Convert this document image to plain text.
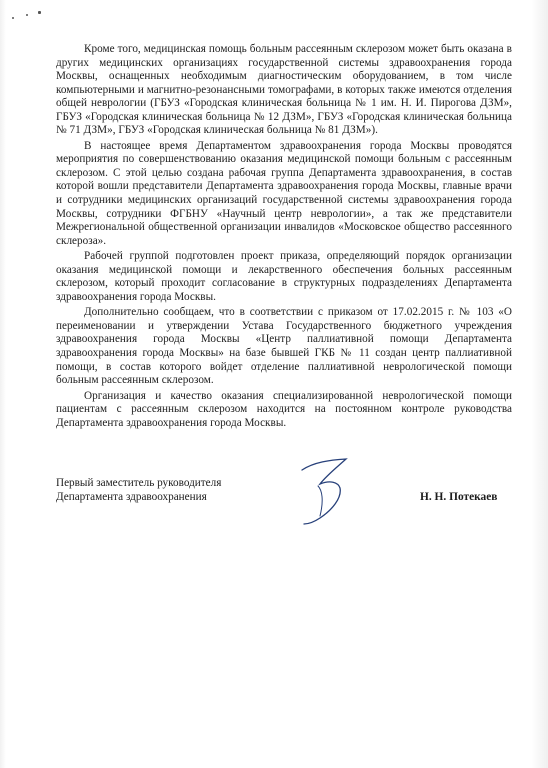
Кроме того, медицинская помощь больным рассеянным склерозом может быть оказана в других медицинских организациях государственной системы здравоохранения города Москвы, оснащенных необходимым диагностическим оборудованием, в том числе компьютерными и магнитно-резонансными томографами, в которых также имеются отделения общей неврологии (ГБУЗ «Городская клиническая больница № 1 им. Н. И. Пирогова ДЗМ», ГБУЗ «Городская клиническая больница № 12 ДЗМ», ГБУЗ «Городская клиническая больница № 71 ДЗМ», ГБУЗ «Городская клиническая больница № 81 ДЗМ»).

В настоящее время Департаментом здравоохранения города Москвы проводятся мероприятия по совершенствованию оказания медицинской помощи больным с рассеянным склерозом. С этой целью создана рабочая группа Департамента здравоохранения, в состав которой вошли представители Департамента здравоохранения города Москвы, главные врачи и сотрудники медицинских организаций государственной системы здравоохранения города Москвы, сотрудники ФГБНУ «Научный центр неврологии», а так же представители Межрегиональной общественной организации инвалидов «Московское общество рассеянного склероза».

Рабочей группой подготовлен проект приказа, определяющий порядок организации оказания медицинской помощи и лекарственного обеспечения больных рассеянным склерозом, который проходит согласование в структурных подразделениях Департамента здравоохранения города Москвы.

Дополнительно сообщаем, что в соответствии с приказом от 17.02.2015 г. № 103 «О переименовании и утверждении Устава Государственного бюджетного учреждения здравоохранения города Москвы «Центр паллиативной помощи Департамента здравоохранения города Москвы» на базе бывшей ГКБ № 11 создан центр паллиативной помощи, в состав которого войдет отделение паллиативной неврологической помощи больным рассеянным склерозом.

Организация и качество оказания специализированной неврологической помощи пациентам с рассеянным склерозом находится на постоянном контроле руководства Департамента здравоохранения города Москвы.

Первый заместитель руководителя
Департамента здравоохранения	Н. Н. Потекаев
